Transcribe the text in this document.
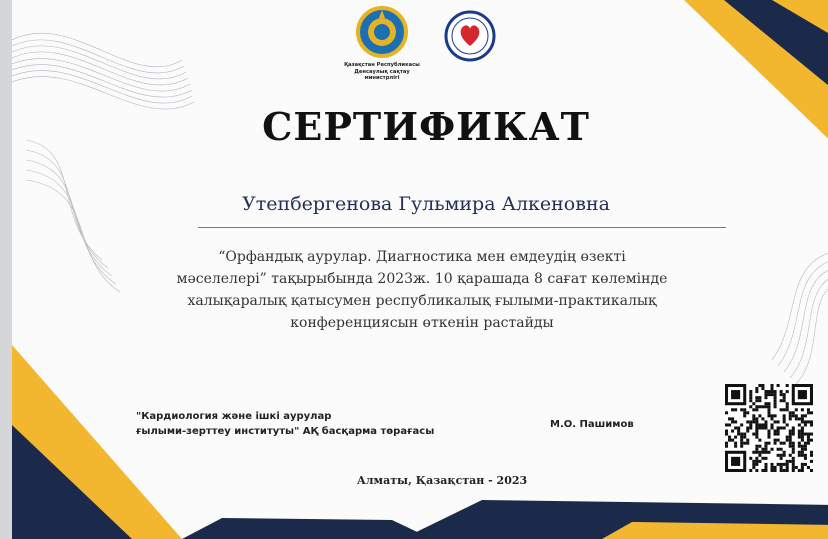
Қазақстан Республикасы
Денсаулық сақтау
министрлігі
СЕРТИФИКАТ
Утепбергенова Гульмира Алкеновна
“Орфандық аурулар. Диагностика мен емдеудің өзекті
мәселелері” тақырыбында 2023ж. 10 қарашада 8 сағат көлемінде
халықаралық қатысумен республикалық ғылыми-практикалық
конференциясын өткенін растайды
"Кардиология және ішкі аурулар
ғылыми-зерттеу институты" АҚ басқарма төрағасы
М.О. Пашимов
Алматы, Қазақстан - 2023
